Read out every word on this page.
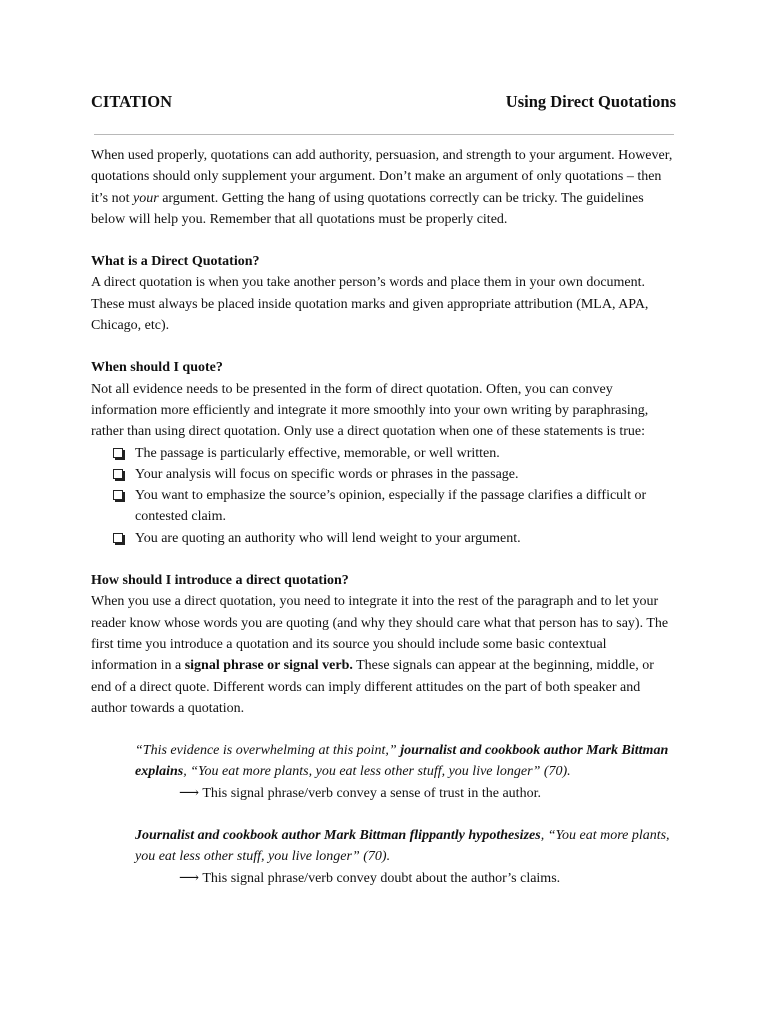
CITATION	Using Direct Quotations

When used properly, quotations can add authority, persuasion, and strength to your argument. However, quotations should only supplement your argument. Don’t make an argument of only quotations – then it’s not your argument. Getting the hang of using quotations correctly can be tricky. The guidelines below will help you. Remember that all quotations must be properly cited.

What is a Direct Quotation?

A direct quotation is when you take another person’s words and place them in your own document. These must always be placed inside quotation marks and given appropriate attribution (MLA, APA, Chicago, etc).

When should I quote?

Not all evidence needs to be presented in the form of direct quotation. Often, you can convey information more efficiently and integrate it more smoothly into your own writing by paraphrasing, rather than using direct quotation. Only use a direct quotation when one of these statements is true:

The passage is particularly effective, memorable, or well written.
Your analysis will focus on specific words or phrases in the passage.
You want to emphasize the source’s opinion, especially if the passage clarifies a difficult or contested claim.
You are quoting an authority who will lend weight to your argument.
How should I introduce a direct quotation?

When you use a direct quotation, you need to integrate it into the rest of the paragraph and to let your reader know whose words you are quoting (and why they should care what that person has to say). The first time you introduce a quotation and its source you should include some basic contextual information in a signal phrase or signal verb. These signals can appear at the beginning, middle, or end of a direct quote. Different words can imply different attitudes on the part of both speaker and author towards a quotation.

“This evidence is overwhelming at this point,” journalist and cookbook author Mark Bittman explains, “You eat more plants, you eat less other stuff, you live longer” (70).

⟶ This signal phrase/verb convey a sense of trust in the author.

Journalist and cookbook author Mark Bittman flippantly hypothesizes, “You eat more plants, you eat less other stuff, you live longer” (70).

⟶ This signal phrase/verb convey doubt about the author’s claims.
